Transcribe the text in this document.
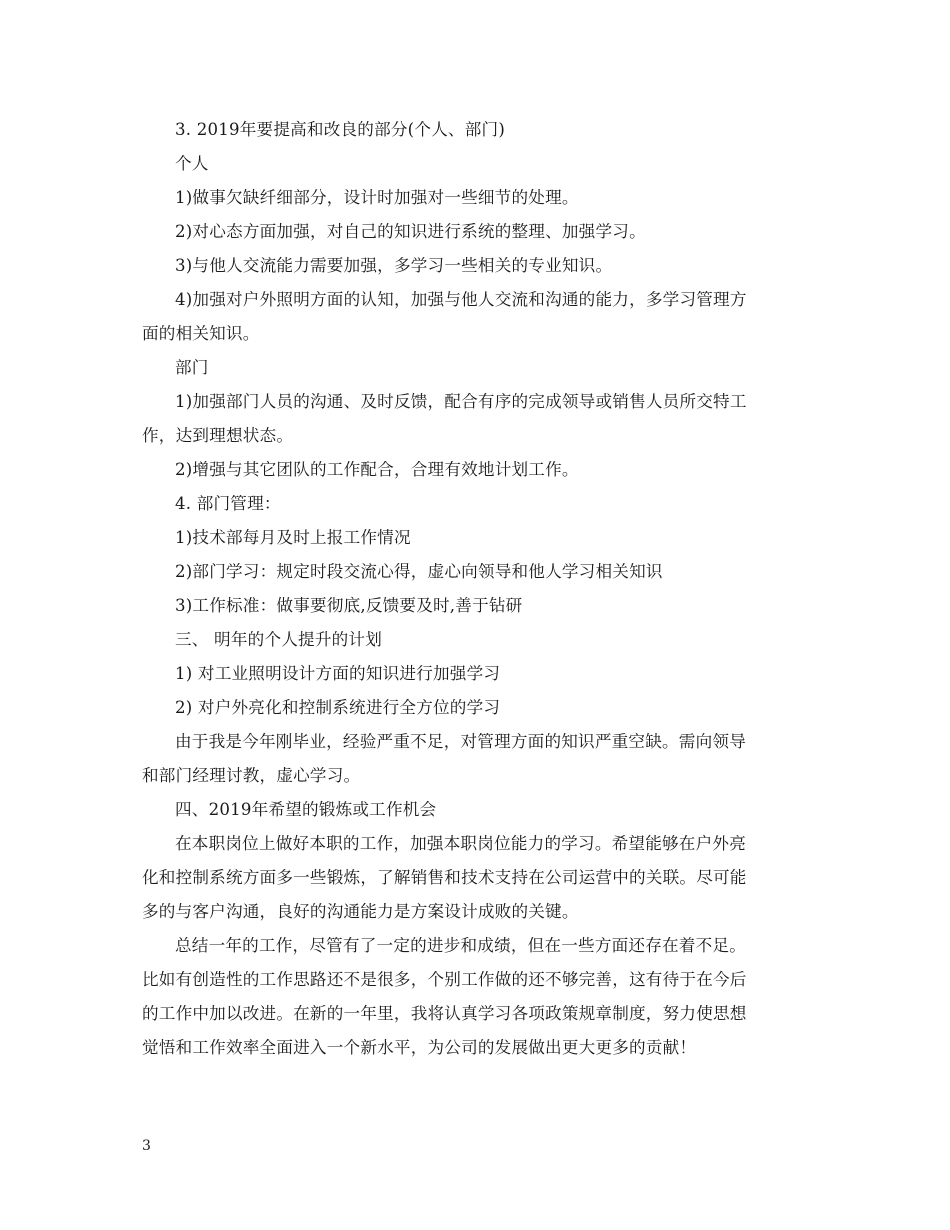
3. 2019年要提高和改良的部分(个人、部门)
个人
1)做事欠缺纤细部分，设计时加强对一些细节的处理。
2)对心态方面加强，对自己的知识进行系统的整理、加强学习。
3)与他人交流能力需要加强，多学习一些相关的专业知识。
4)加强对户外照明方面的认知，加强与他人交流和沟通的能力，多学习管理方
面的相关知识。
部门
1)加强部门人员的沟通、及时反馈，配合有序的完成领导或销售人员所交特工
作，达到理想状态。
2)增强与其它团队的工作配合，合理有效地计划工作。
4. 部门管理：
1)技术部每月及时上报工作情况
2)部门学习：规定时段交流心得，虚心向领导和他人学习相关知识
3)工作标准：做事要彻底,反馈要及时,善于钻研
三、 明年的个人提升的计划
1) 对工业照明设计方面的知识进行加强学习
2) 对户外亮化和控制系统进行全方位的学习
由于我是今年刚毕业，经验严重不足，对管理方面的知识严重空缺。需向领导
和部门经理讨教，虚心学习。
四、2019年希望的锻炼或工作机会
在本职岗位上做好本职的工作，加强本职岗位能力的学习。希望能够在户外亮
化和控制系统方面多一些锻炼，了解销售和技术支持在公司运营中的关联。尽可能
多的与客户沟通，良好的沟通能力是方案设计成败的关键。
总结一年的工作，尽管有了一定的进步和成绩，但在一些方面还存在着不足。
比如有创造性的工作思路还不是很多，个别工作做的还不够完善，这有待于在今后
的工作中加以改进。在新的一年里，我将认真学习各项政策规章制度，努力使思想
觉悟和工作效率全面进入一个新水平，为公司的发展做出更大更多的贡献！
3
